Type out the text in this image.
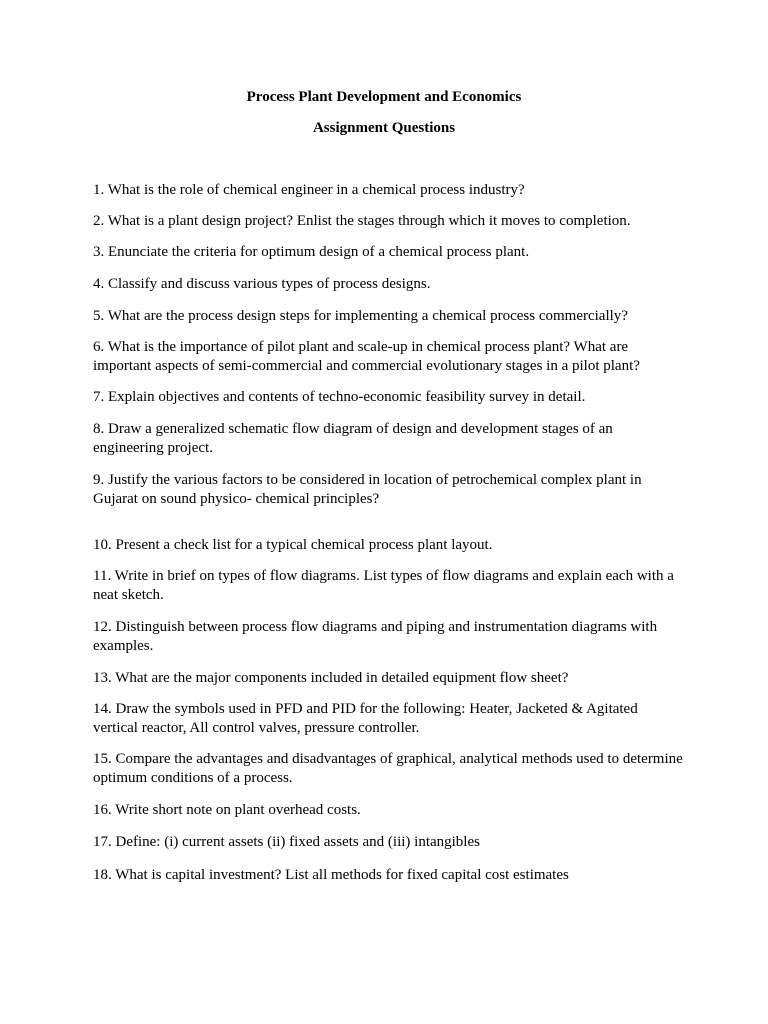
Process Plant Development and Economics

Assignment Questions

1. What is the role of chemical engineer in a chemical process industry?

2. What is a plant design project? Enlist the stages through which it moves to completion.

3. Enunciate the criteria for optimum design of a chemical process plant.

4. Classify and discuss various types of process designs.

5. What are the process design steps for implementing a chemical process commercially?

6. What is the importance of pilot plant and scale-up in chemical process plant? What are important aspects of semi-commercial and commercial evolutionary stages in a pilot plant?

7. Explain objectives and contents of techno-economic feasibility survey in detail.

8. Draw a generalized schematic flow diagram of design and development stages of an engineering project.

9. Justify the various factors to be considered in location of petrochemical complex plant in Gujarat on sound physico- chemical principles?

10. Present a check list for a typical chemical process plant layout.

11. Write in brief on types of flow diagrams. List types of flow diagrams and explain each with a neat sketch.

12. Distinguish between process flow diagrams and piping and instrumentation diagrams with examples.

13. What are the major components included in detailed equipment flow sheet?

14. Draw the symbols used in PFD and PID for the following: Heater, Jacketed & Agitated vertical reactor, All control valves, pressure controller.

15. Compare the advantages and disadvantages of graphical, analytical methods used to determine optimum conditions of a process.

16. Write short note on plant overhead costs.

17. Define: (i) current assets (ii) fixed assets and (iii) intangibles

18. What is capital investment? List all methods for fixed capital cost estimates
